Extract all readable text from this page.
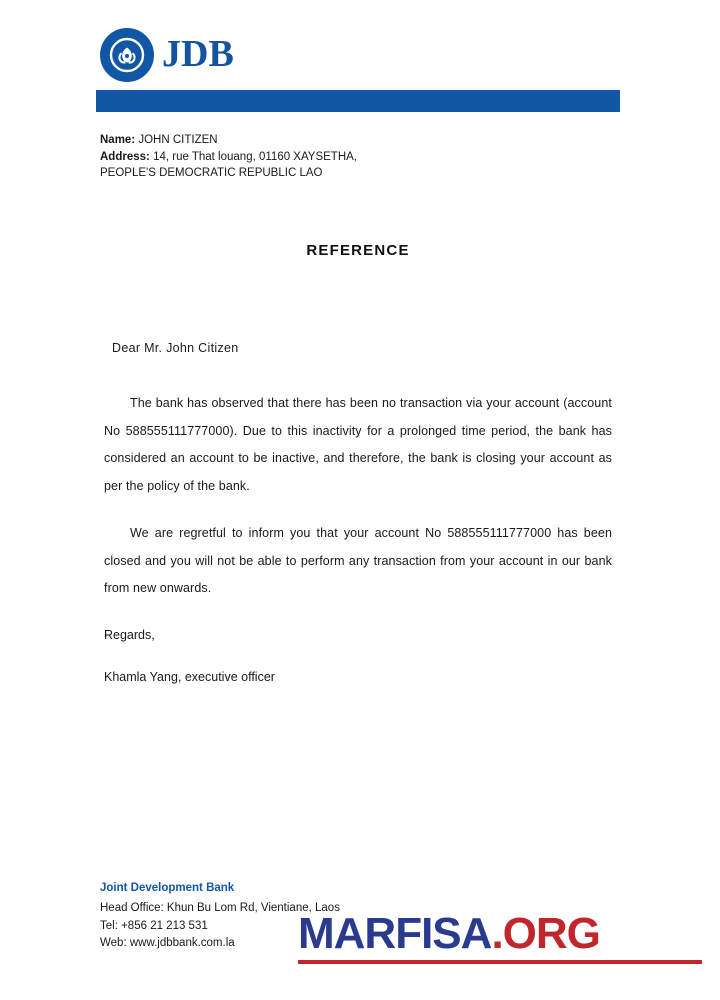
JDB
Name: JOHN CITIZEN
Address: 14, rue That louang, 01160 XAYSETHA,
PEOPLE'S DEMOCRATIC REPUBLIC LAO
REFERENCE
Dear Mr. John Citizen
The bank has observed that there has been no transaction via your account (account No 588555111777000). Due to this inactivity for a prolonged time period, the bank has considered an account to be inactive, and therefore, the bank is closing your account as per the policy of the bank.
We are regretful to inform you that your account No 588555111777000 has been closed and you will not be able to perform any transaction from your account in our bank from new onwards.
Regards,
Khamla Yang, executive officer
Joint Development Bank
Head Office: Khun Bu Lom Rd, Vientiane, Laos
Tel: +856 21 213 531
Web: www.jdbbank.com.la	MARFISA.ORG
